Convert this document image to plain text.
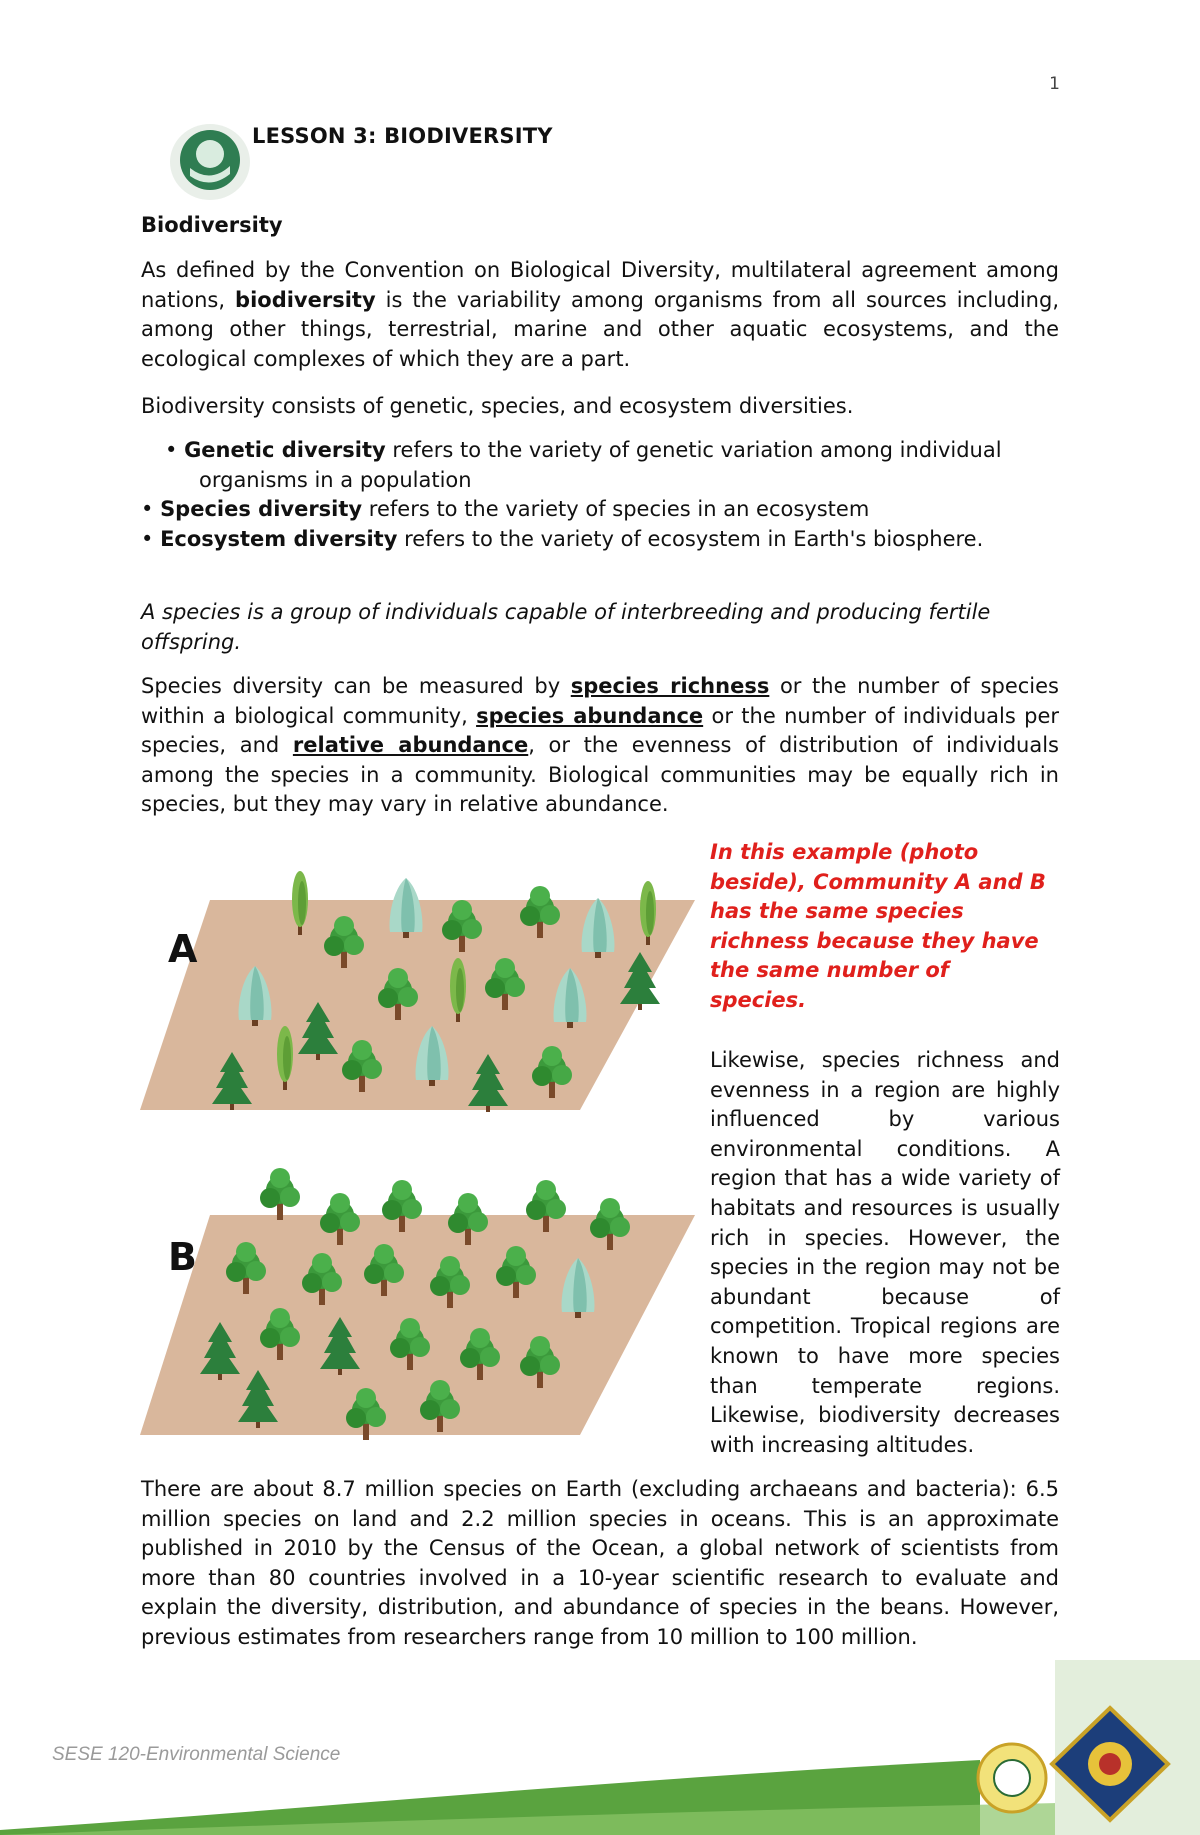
1
LESSON 3: BIODIVERSITY
Biodiversity
As defined by the Convention on Biological Diversity, multilateral agreement among nations, biodiversity is the variability among organisms from all sources including, among other things, terrestrial, marine and other aquatic ecosystems, and the ecological complexes of which they are a part.
Biodiversity consists of genetic, species, and ecosystem diversities.
• Genetic diversity refers to the variety of genetic variation among individual
organisms in a population
• Species diversity refers to the variety of species in an ecosystem
• Ecosystem diversity refers to the variety of ecosystem in Earth's biosphere.
A species is a group of individuals capable of interbreeding and producing fertile offspring.
Species diversity can be measured by species richness or the number of species within a biological community, species abundance or the number of individuals per species, and relative abundance, or the evenness of distribution of individuals among the species in a community. Biological communities may be equally rich in species, but they may vary in relative abundance.
A
B
In this example (photo beside), Community A and B has the same species richness because they have the same number of species.
Likewise, species richness and evenness in a region are highly influenced by various environmental conditions. A region that has a wide variety of habitats and resources is usually rich in species. However, the species in the region may not be abundant because of competition. Tropical regions are known to have more species than temperate regions. Likewise, biodiversity decreases with increasing altitudes.
There are about 8.7 million species on Earth (excluding archaeans and bacteria): 6.5 million species on land and 2.2 million species in oceans. This is an approximate published in 2010 by the Census of the Ocean, a global network of scientists from more than 80 countries involved in a 10-year scientific research to evaluate and explain the diversity, distribution, and abundance of species in the beans. However, previous estimates from researchers range from 10 million to 100 million.
SESE 120-Environmental Science
